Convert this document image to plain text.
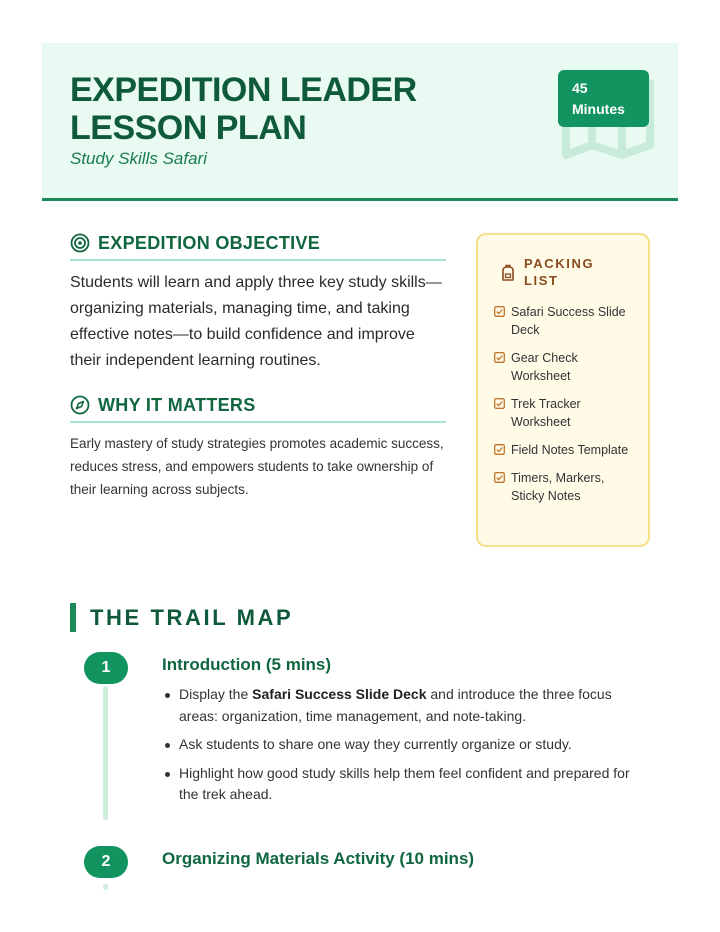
EXPEDITION LEADER LESSON PLAN
Study Skills Safari
45
Minutes
EXPEDITION OBJECTIVE
Students will learn and apply three key study skills—organizing materials, managing time, and taking effective notes—to build confidence and improve their independent learning routines.
WHY IT MATTERS
Early mastery of study strategies promotes academic success, reduces stress, and empowers students to take ownership of their learning across subjects.
PACKING LIST
Safari Success Slide Deck
Gear Check Worksheet
Trek Tracker Worksheet
Field Notes Template
Timers, Markers, Sticky Notes
THE TRAIL MAP
1	Introduction (5 mins)
Display the Safari Success Slide Deck and introduce the three focus areas: organization, time management, and note-taking.
Ask students to share one way they currently organize or study.
Highlight how good study skills help them feel confident and prepared for the trek ahead.
2	Organizing Materials Activity (10 mins)
